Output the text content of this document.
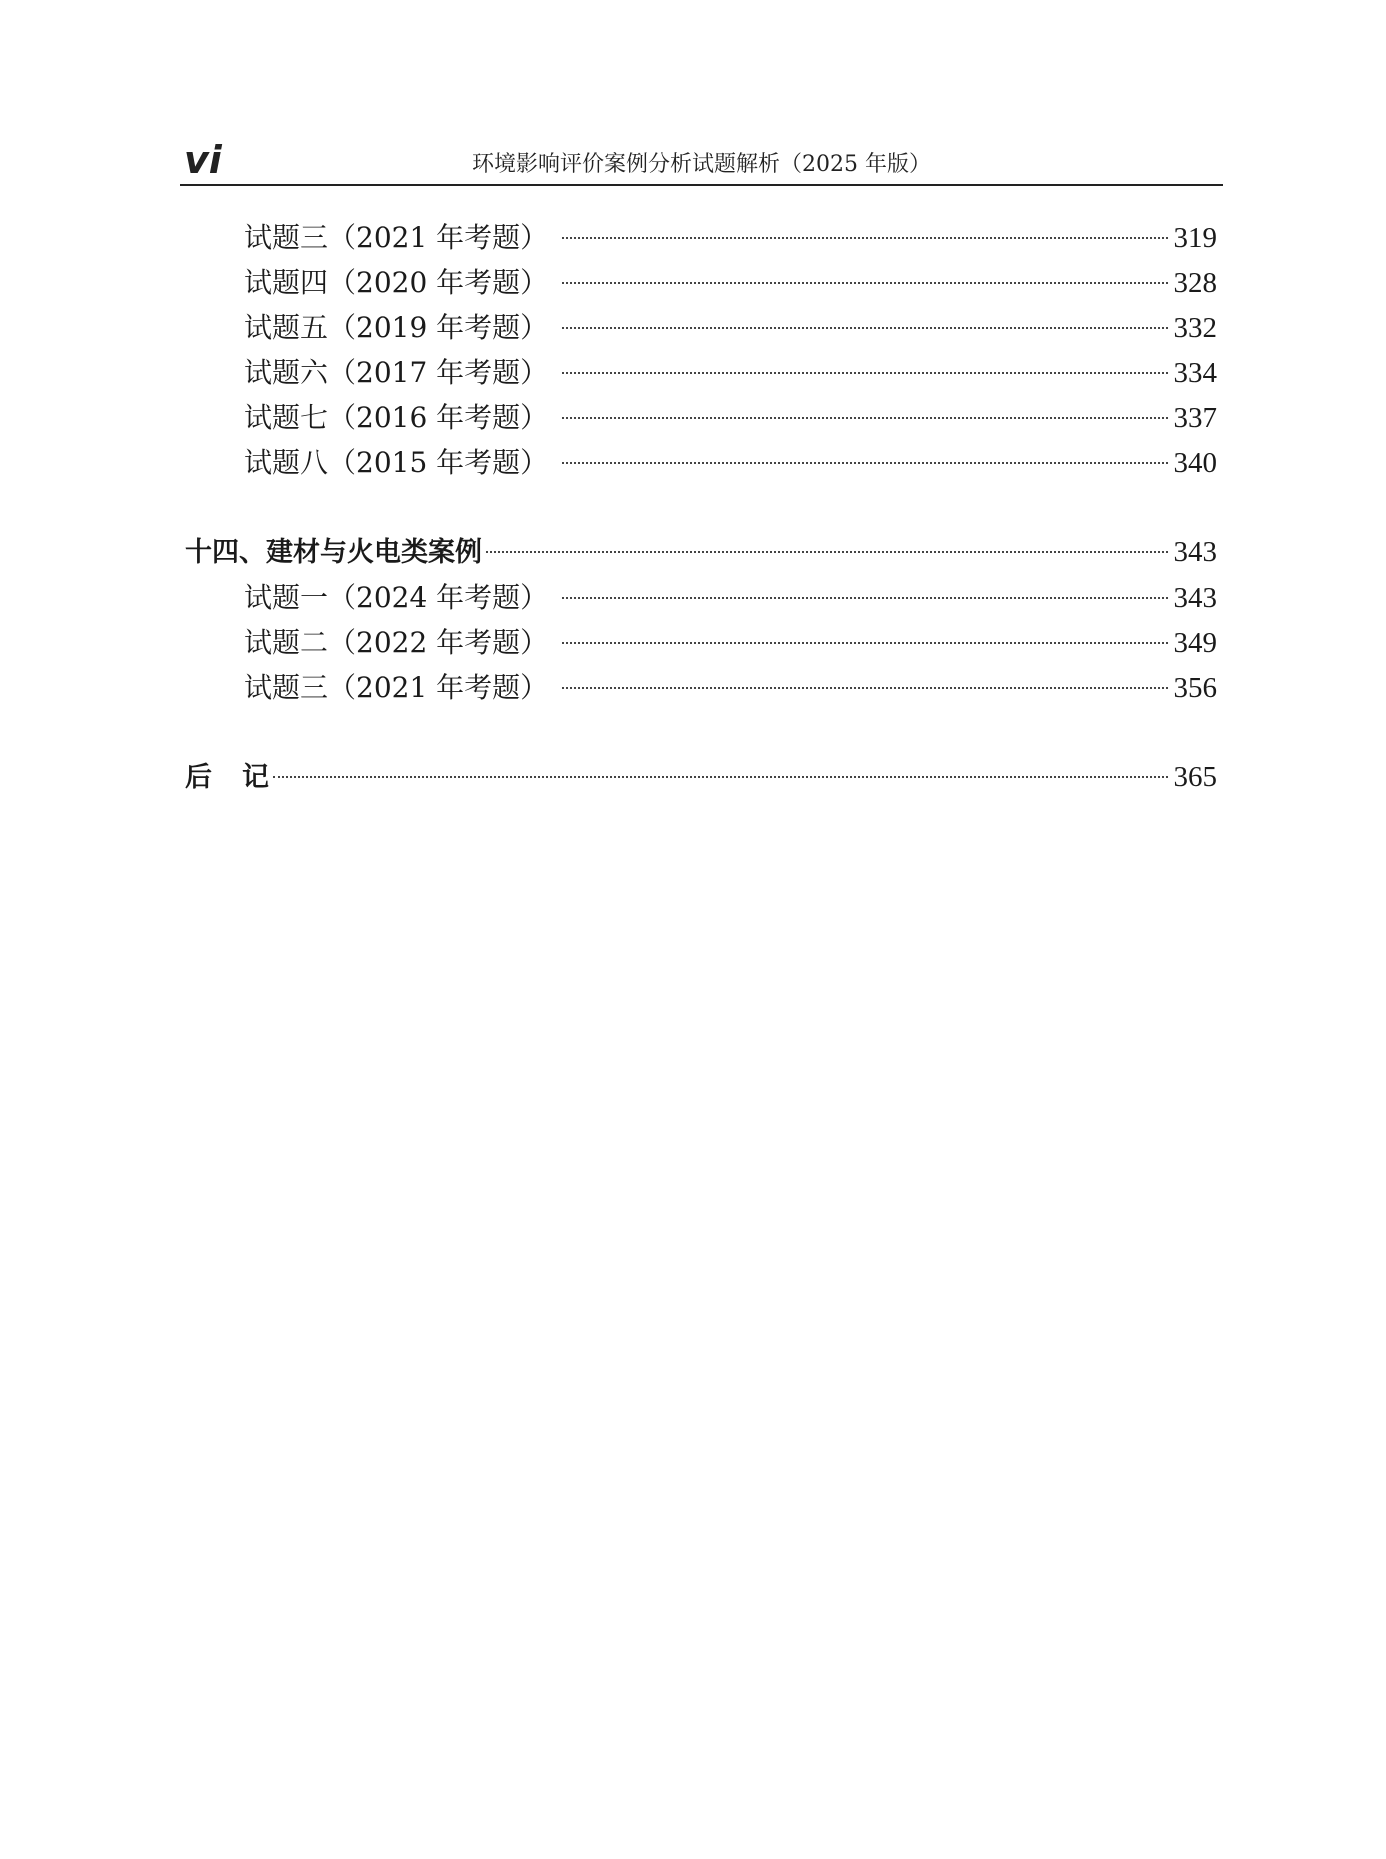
vi	环境影响评价案例分析试题解析（2025 年版）
试题三（2021 年考题）	319
试题四（2020 年考题）	328
试题五（2019 年考题）	332
试题六（2017 年考题）	334
试题七（2016 年考题）	337
试题八（2015 年考题）	340
十四、建材与火电类案例	343
试题一（2024 年考题）	343
试题二（2022 年考题）	349
试题三（2021 年考题）	356
后 记	365
